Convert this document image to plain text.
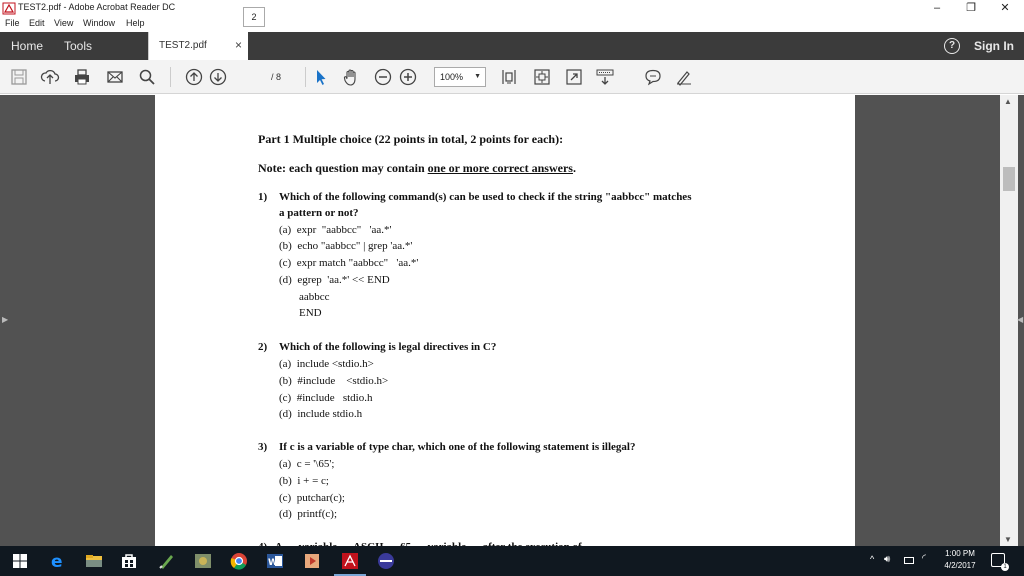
TEST2.pdf - Adobe Acrobat Reader DC	–	❐	✕
File Edit View Window Help
Home Tools	TEST2.pdf ×	?	Sign In
2
/ 8	100% ▼
▶
Part 1 Multiple choice (22 points in total, 2 points for each):
Note: each question may contain one or more correct answers.
1) Which of the following command(s) can be used to check if the string "aabbcc" matches
a pattern or not?
(a)  expr  "aabbcc"   'aa.*'
(b)  echo "aabbcc" | grep 'aa.*'
(c)  expr match "aabbcc"   'aa.*'
(d)  egrep  'aa.*' << END
aabbcc
END
2) Which of the following is legal directives in C?
(a)  include <stdio.h>
(b)  #include    <stdio.h>
(c)  #include   stdio.h
(d)  include stdio.h
3) If c is a variable of type char, which one of the following statement is illegal?
(a)  c = '\65';
(b)  i + = c;
(c)  putchar(c);
(d)  printf(c);
▲
▼
◀
e	W	^ 🔊︎	◜
1
1:00 PM
4/2/2017
